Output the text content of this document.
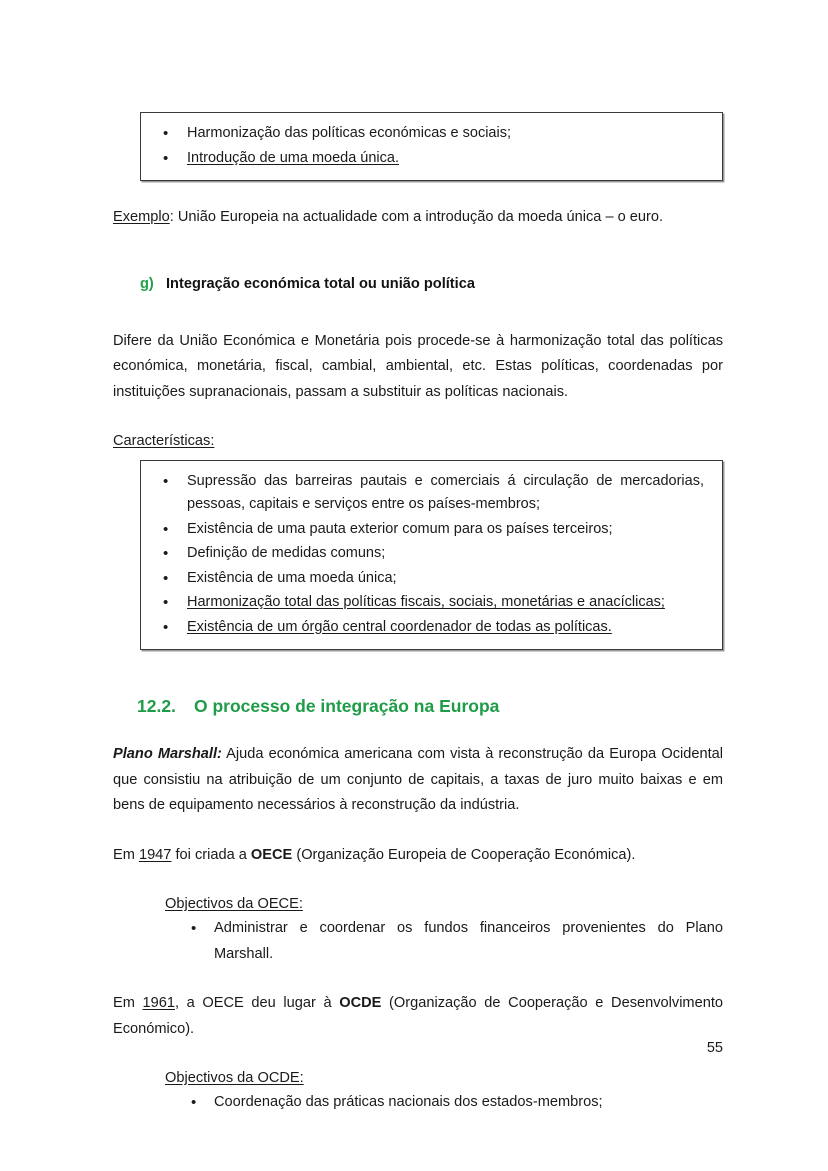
• Harmonização das políticas económicas e sociais;
• Introdução de uma moeda única.

Exemplo: União Europeia na actualidade com a introdução da moeda única – o euro.

g) Integração económica total ou união política

Difere da União Económica e Monetária pois procede-se à harmonização total das políticas económica, monetária, fiscal, cambial, ambiental, etc. Estas políticas, coordenadas por instituições supranacionais, passam a substituir as políticas nacionais.

Características:

• Supressão das barreiras pautais e comerciais á circulação de mercadorias, pessoas, capitais e serviços entre os países-membros;
• Existência de uma pauta exterior comum para os países terceiros;
• Definição de medidas comuns;
• Existência de uma moeda única;
• Harmonização total das políticas fiscais, sociais, monetárias e anacíclicas;
• Existência de um órgão central coordenador de todas as políticas.
12.2.	O processo de integração na Europa

Plano Marshall: Ajuda económica americana com vista à reconstrução da Europa Ocidental que consistiu na atribuição de um conjunto de capitais, a taxas de juro muito baixas e em bens de equipamento necessários à reconstrução da indústria.

Em 1947 foi criada a OECE (Organização Europeia de Cooperação Económica).

Objectivos da OECE:

• Administrar e coordenar os fundos financeiros provenientes do Plano Marshall.

Em 1961, a OECE deu lugar à OCDE (Organização de Cooperação e Desenvolvimento Económico).

Objectivos da OCDE:

• Coordenação das práticas nacionais dos estados-membros;
55
